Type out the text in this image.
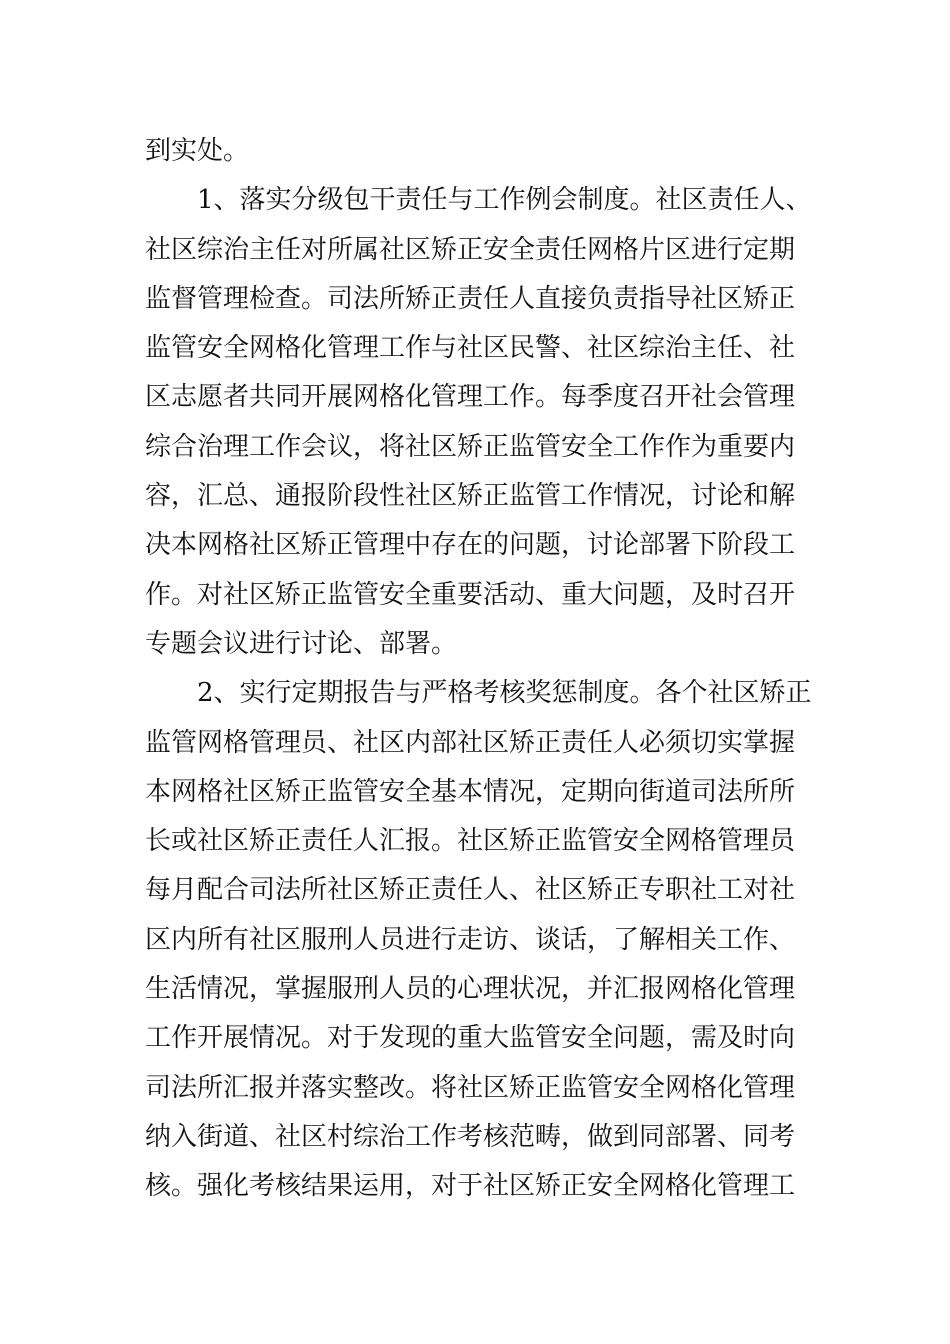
到实处。
1、落实分级包干责任与工作例会制度。社区责任人、
社区综治主任对所属社区矫正安全责任网格片区进行定期
监督管理检查。司法所矫正责任人直接负责指导社区矫正
监管安全网格化管理工作与社区民警、社区综治主任、社
区志愿者共同开展网格化管理工作。每季度召开社会管理
综合治理工作会议，将社区矫正监管安全工作作为重要内
容，汇总、通报阶段性社区矫正监管工作情况，讨论和解
决本网格社区矫正管理中存在的问题，讨论部署下阶段工
作。对社区矫正监管安全重要活动、重大问题，及时召开
专题会议进行讨论、部署。
2、实行定期报告与严格考核奖惩制度。各个社区矫正
监管网格管理员、社区内部社区矫正责任人必须切实掌握
本网格社区矫正监管安全基本情况，定期向街道司法所所
长或社区矫正责任人汇报。社区矫正监管安全网格管理员
每月配合司法所社区矫正责任人、社区矫正专职社工对社
区内所有社区服刑人员进行走访、谈话，了解相关工作、
生活情况，掌握服刑人员的心理状况，并汇报网格化管理
工作开展情况。对于发现的重大监管安全问题，需及时向
司法所汇报并落实整改。将社区矫正监管安全网格化管理
纳入街道、社区村综治工作考核范畴，做到同部署、同考
核。强化考核结果运用，对于社区矫正安全网格化管理工
